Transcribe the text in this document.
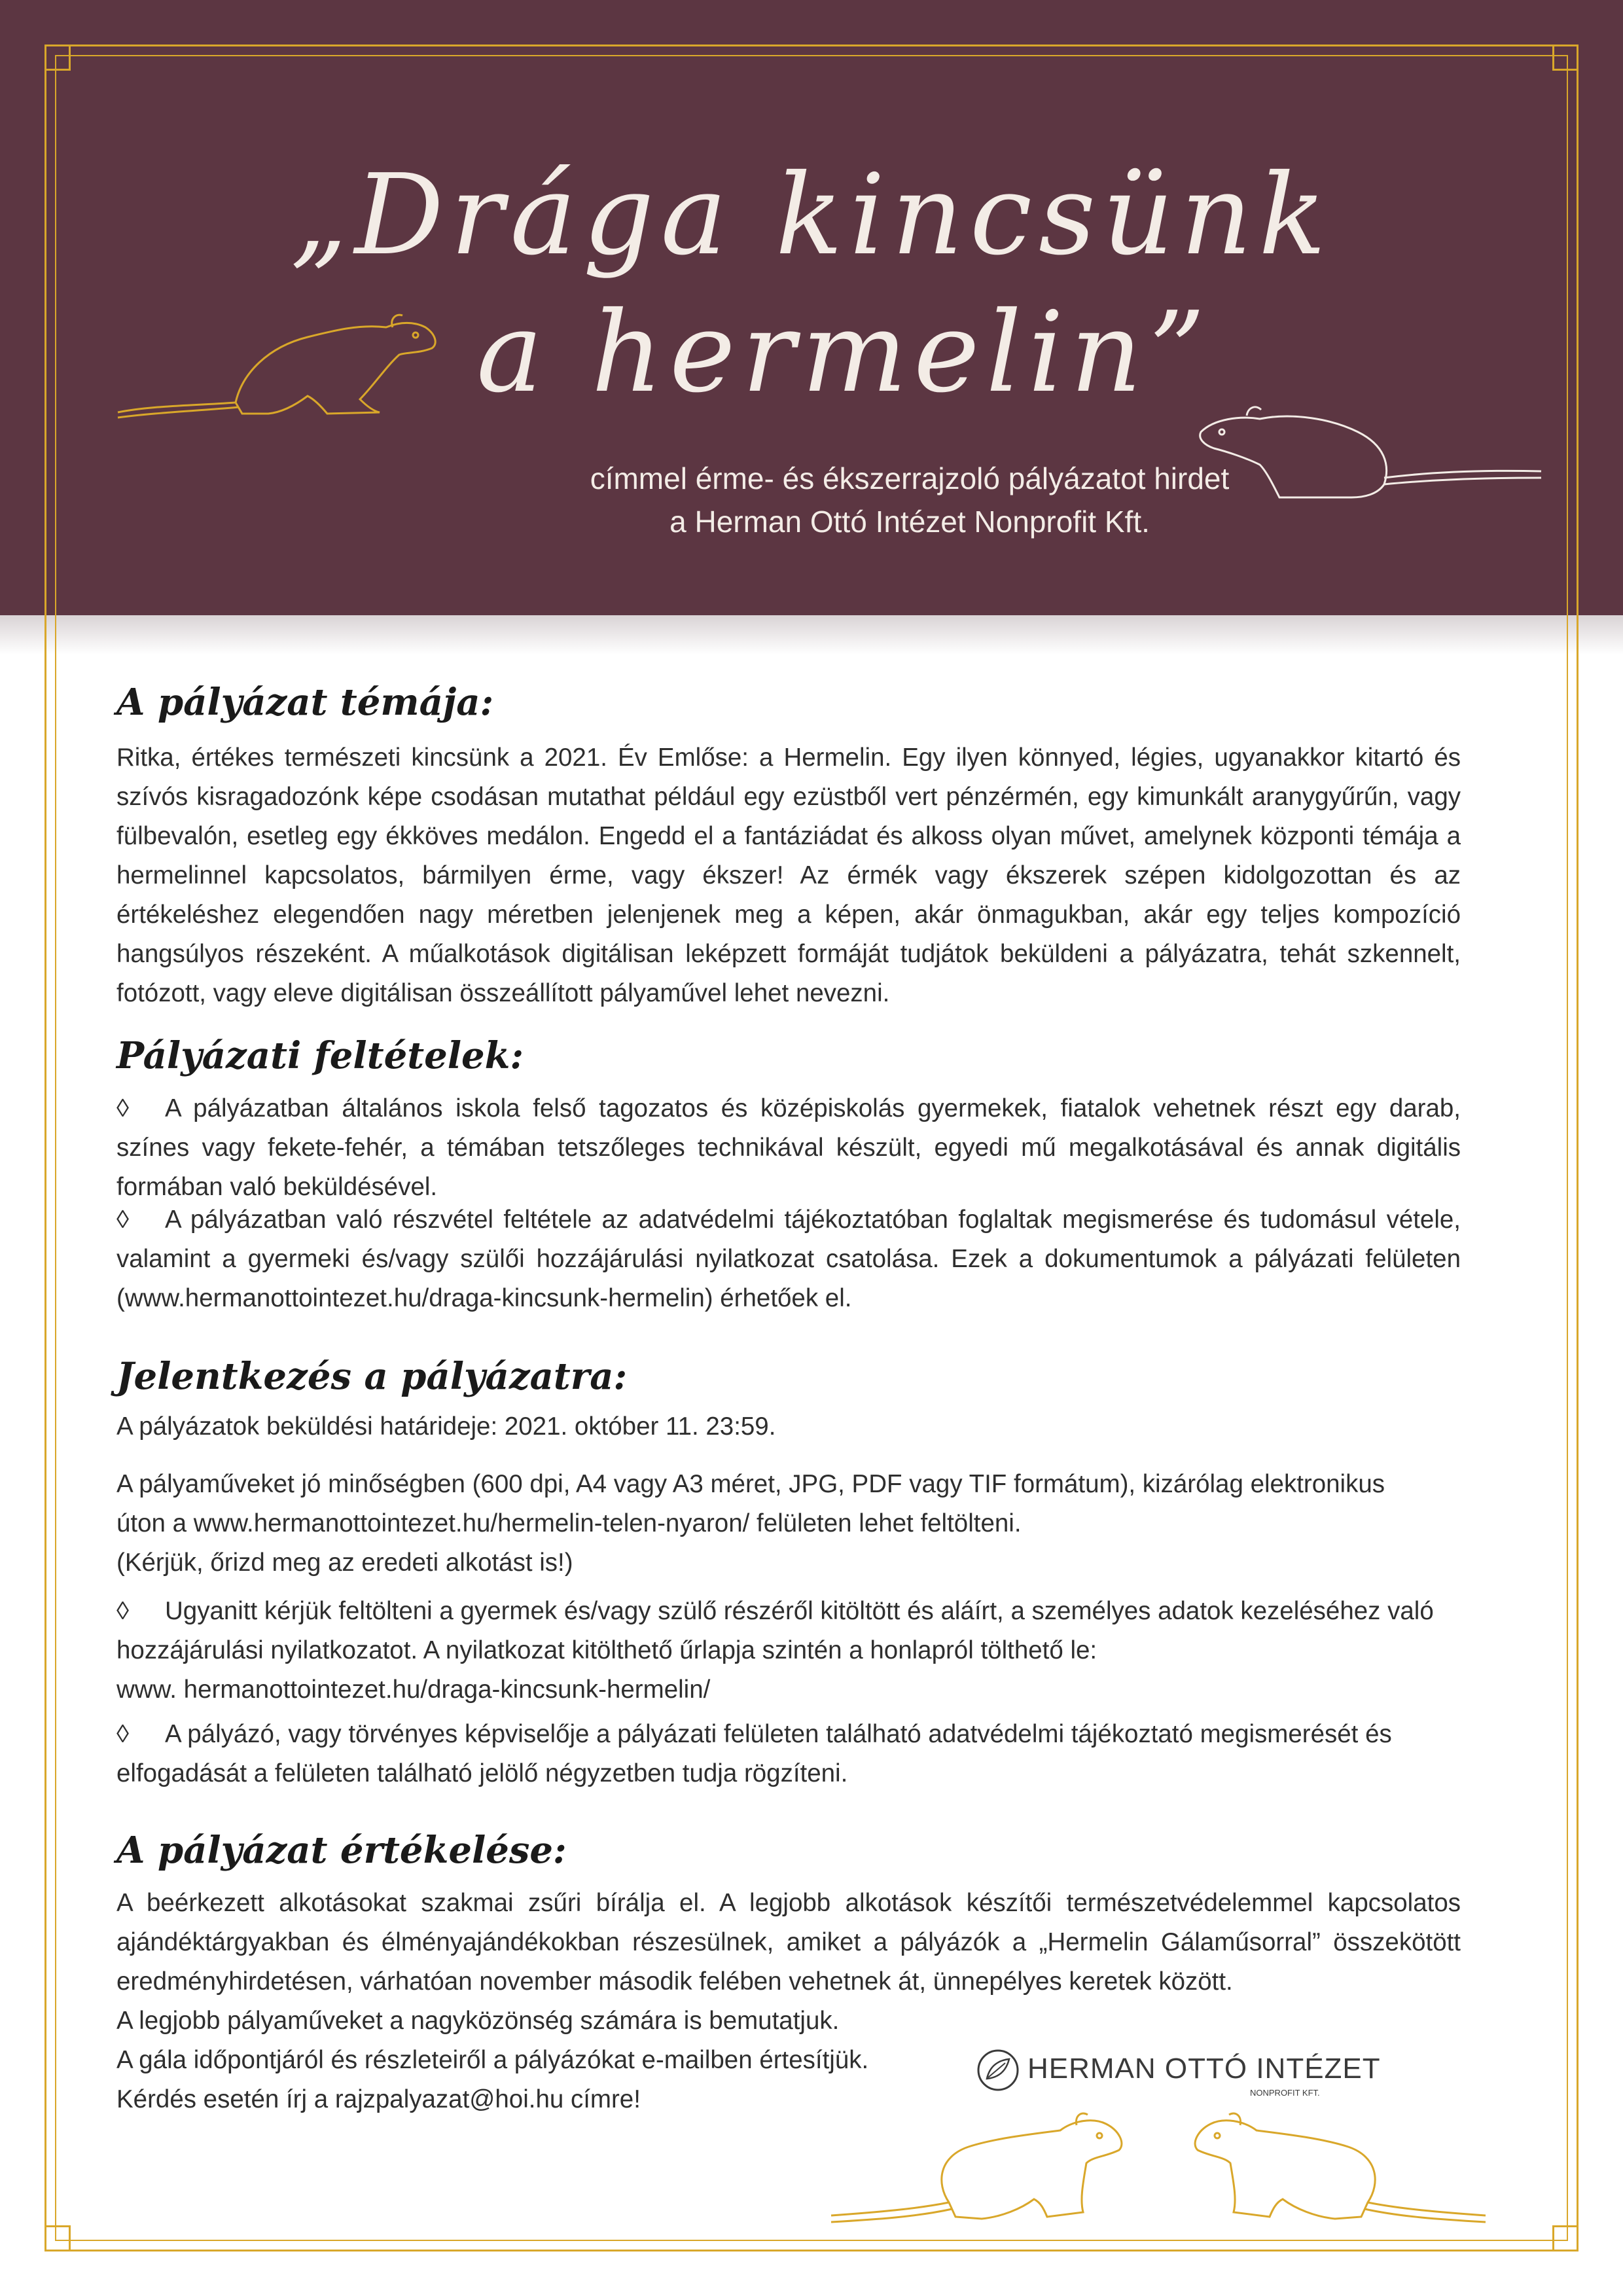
„Drága kincsünk
a hermelin”
címmel érme- és ékszerrajzoló pályázatot hirdet
a Herman Ottó Intézet Nonprofit Kft.
A pályázat témája:
Ritka, értékes természeti kincsünk a 2021. Év Emlőse: a Hermelin. Egy ilyen könnyed, légies, ugyanakkor kitartó és szívós kisragadozónk képe csodásan mutathat például egy ezüstből vert pénzérmén, egy kimunkált aranygyűrűn, vagy fülbevalón, esetleg egy ékköves medálon. Engedd el a fantáziádat és alkoss olyan művet, amelynek központi témája a hermelinnel kapcsolatos, bármilyen érme, vagy ékszer! Az érmék vagy ékszerek szépen kidolgozottan és az értékeléshez elegendően nagy méretben jelenjenek meg a képen, akár önmagukban, akár egy teljes kompozíció hangsúlyos részeként. A műalkotások digitálisan leképzett formáját tudjátok beküldeni a pályázatra, tehát szkennelt, fotózott, vagy eleve digitálisan összeállított pályaművel lehet nevezni.
Pályázati feltételek:
◊ A pályázatban általános iskola felső tagozatos és középiskolás gyermekek, fiatalok vehetnek részt egy darab, színes vagy fekete-fehér, a témában tetszőleges technikával készült, egyedi mű megalkotásával és annak digitális formában való beküldésével.
◊ A pályázatban való részvétel feltétele az adatvédelmi tájékoztatóban foglaltak megismerése és tudomásul vétele, valamint a gyermeki és/vagy szülői hozzájárulási nyilatkozat csatolása. Ezek a dokumentumok a pályázati felületen (www.hermanottointezet.hu/draga-kincsunk-hermelin) érhetőek el.
Jelentkezés a pályázatra:
A pályázatok beküldési határideje: 2021. október 11. 23:59.
A pályaműveket jó minőségben (600 dpi, A4 vagy A3 méret, JPG, PDF vagy TIF formátum), kizárólag elektronikus
úton a www.hermanottointezet.hu/hermelin-telen-nyaron/ felületen lehet feltölteni.
(Kérjük, őrizd meg az eredeti alkotást is!)
◊ Ugyanitt kérjük feltölteni a gyermek és/vagy szülő részéről kitöltött és aláírt, a személyes adatok kezeléséhez való
hozzájárulási nyilatkozatot. A nyilatkozat kitölthető űrlapja szintén a honlapról tölthető le:
www. hermanottointezet.hu/draga-kincsunk-hermelin/
◊ A pályázó, vagy törvényes képviselője a pályázati felületen található adatvédelmi tájékoztató megismerését és
elfogadását a felületen található jelölő négyzetben tudja rögzíteni.
A pályázat értékelése:
A beérkezett alkotásokat szakmai zsűri bírálja el. A legjobb alkotások készítői természetvédelemmel kapcsolatos ajándéktárgyakban és élményajándékokban részesülnek, amiket a pályázók a „Hermelin Gálaműsorral” összekötött eredményhirdetésen, várhatóan november második felében vehetnek át, ünnepélyes keretek között.
A legjobb pályaműveket a nagyközönség számára is bemutatjuk.
A gála időpontjáról és részleteiről a pályázókat e-mailben értesítjük.
Kérdés esetén írj a rajzpalyazat@hoi.hu címre!
HERMAN OTTÓ INTÉZET
NONPROFIT KFT.
